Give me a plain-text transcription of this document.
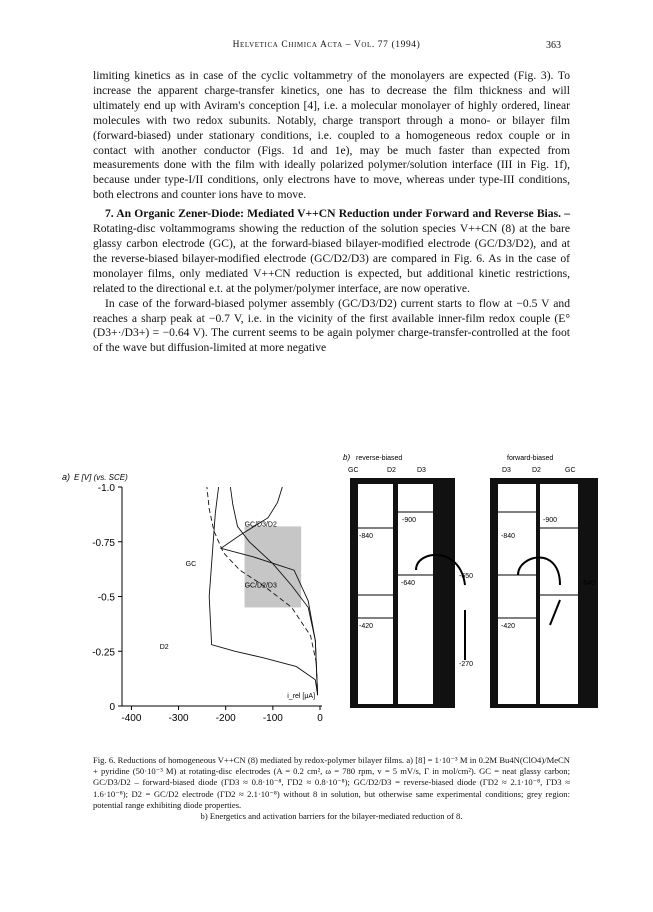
Helvetica Chimica Acta – Vol. 77 (1994)	363

limiting kinetics as in case of the cyclic voltammetry of the monolayers are expected (Fig. 3). To increase the apparent charge-transfer kinetics, one has to decrease the film thickness and will ultimately end up with Aviram's conception [4], i.e. a molecular monolayer of highly ordered, linear molecules with two redox subunits. Notably, charge transport through a mono- or bilayer film (forward-biased) under stationary conditions, i.e. coupled to a homogeneous redox couple or in contact with another conductor (Figs. 1d and 1e), may be much faster than expected from measurements done with the film with ideally polarized polymer/solution interface (III in Fig. 1f), because under type-I/II conditions, only electrons have to move, whereas under type-III conditions, both electrons and counter ions have to move.

7. An Organic Zener-Diode: Mediated V++CN Reduction under Forward and Reverse Bias. – Rotating-disc voltammograms showing the reduction of the solution species V++CN (8) at the bare glassy carbon electrode (GC), at the forward-biased bilayer-modified electrode (GC/D3/D2), and at the reverse-biased bilayer-modified electrode (GC/D2/D3) are compared in Fig. 6. As in the case of monolayer films, only mediated V++CN reduction is expected, but additional kinetic restrictions, related to the directional e.t. at the polymer/polymer interface, are now operative.

In case of the forward-biased polymer assembly (GC/D3/D2) current starts to flow at −0.5 V and reaches a sharp peak at −0.7 V, i.e. in the vicinity of the first available inner-film redox couple (E°(D3+·/D3+) = −0.64 V). The current seems to be again polymer charge-transfer-controlled at the foot of the wave but diffusion-limited at more negative

a) E [V] (vs. SCE)
-1.0
-0.75
-0.5
-0.25
0
-400	-300	-200	-100	0
i_rel [μA]
GC/D3/D2
GC
GC/D2/D3
D2
b) reverse-biased	forward-biased
GC	D2	D3	D3	D2	GC
-900
-840
-640
-650
-420
-270
-900
-840
-640
-420
Fig. 6. Reductions of homogeneous V++CN (8) mediated by redox-polymer bilayer films. a) [8] = 1·10⁻³ M in 0.2M Bu4N(ClO4)/MeCN + pyridine (50·10⁻³ M) at rotating-disc electrodes (A = 0.2 cm², ω = 780 rpm, v = 5 mV/s, Γ in mol/cm²). GC = neat glassy carbon; GC/D3/D2 – forward-biased diode (ΓD3 ≈ 0.8·10⁻⁸, ΓD2 ≈ 0.8·10⁻⁸); GC/D2/D3 = reverse-biased diode (ΓD2 ≈ 2.1·10⁻⁸, ΓD3 ≈ 1.6·10⁻⁸); D2 = GC/D2 electrode (ΓD2 ≈ 2.1·10⁻⁸) without 8 in solution, but otherwise same experimental conditions; grey region: potential range exhibiting diode properties.
b) Energetics and activation barriers for the bilayer-mediated reduction of 8.
